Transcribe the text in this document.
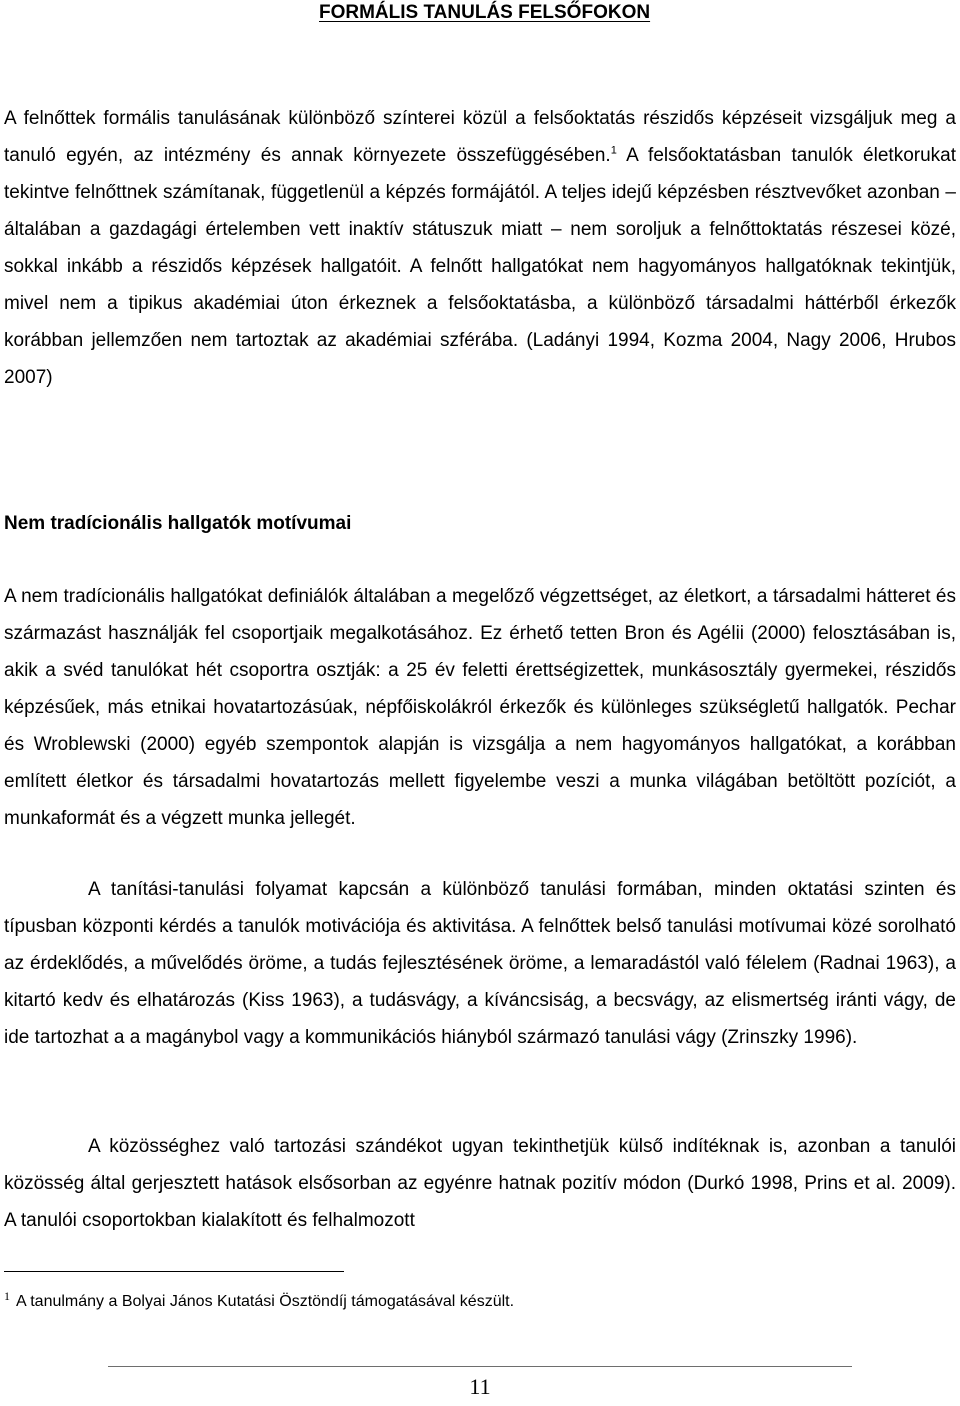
FORMÁLIS TANULÁS FELSŐFOKON

A felnőttek formális tanulásának különböző színterei közül a felsőoktatás részidős képzéseit vizsgáljuk meg a tanuló egyén, az intézmény és annak környezete összefüggésében.$^1$ A felsőoktatásban tanulók életkorukat tekintve felnőttnek számítanak, függetlenül a képzés formájától. A teljes idejű képzésben résztvevőket azonban – általában a gazdagági értelemben vett inaktív státuszuk miatt – nem soroljuk a felnőttoktatás részesei közé, sokkal inkább a részidős képzések hallgatóit. A felnőtt hallgatókat nem hagyományos hallgatóknak tekintjük, mivel nem a tipikus akadémiai úton érkeznek a felsőoktatásba, a különböző társadalmi háttérből érkezők korábban jellemzően nem tartoztak az akadémiai szférába. (Ladányi 1994, Kozma 2004, Nagy 2006, Hrubos 2007)

Nem tradícionális hallgatók motívumai

A nem tradícionális hallgatókat definiálók általában a megelőző végzettséget, az életkort, a társadalmi hátteret és származást használják fel csoportjaik megalkotásához. Ez érhető tetten Bron és Agélii (2000) felosztásában is, akik a svéd tanulókat hét csoportra osztják: a 25 év feletti érettségizettek, munkásosztály gyermekei, részidős képzésűek, más etnikai hovatartozásúak, népfőiskolákról érkezők és különleges szükségletű hallgatók. Pechar és Wroblewski (2000) egyéb szempontok alapján is vizsgálja a nem hagyományos hallgatókat, a korábban említett életkor és társadalmi hovatartozás mellett figyelembe veszi a munka világában betöltött pozíciót, a munkaformát és a végzett munka jellegét.

A tanítási-tanulási folyamat kapcsán a különböző tanulási formában, minden oktatási szinten és típusban központi kérdés a tanulók motivációja és aktivitása. A felnőttek belső tanulási motívumai közé sorolható az érdeklődés, a művelődés öröme, a tudás fejlesztésének öröme, a lemaradástól való félelem (Radnai 1963), a kitartó kedv és elhatározás (Kiss 1963), a tudásvágy, a kíváncsiság, a becsvágy, az elismertség iránti vágy, de ide tartozhat a a magánybol vagy a kommunikációs hiányból származó tanulási vágy (Zrinszky 1996).

A közösséghez való tartozási szándékot ugyan tekinthetjük külső indítéknak is, azonban a tanulói közösség által gerjesztett hatások elsősorban az egyénre hatnak pozitív módon (Durkó 1998, Prins et al. 2009). A tanulói csoportokban kialakított és felhalmozott

$^1$ A tanulmány a Bolyai János Kutatási Ösztöndíj támogatásával készült.
11
